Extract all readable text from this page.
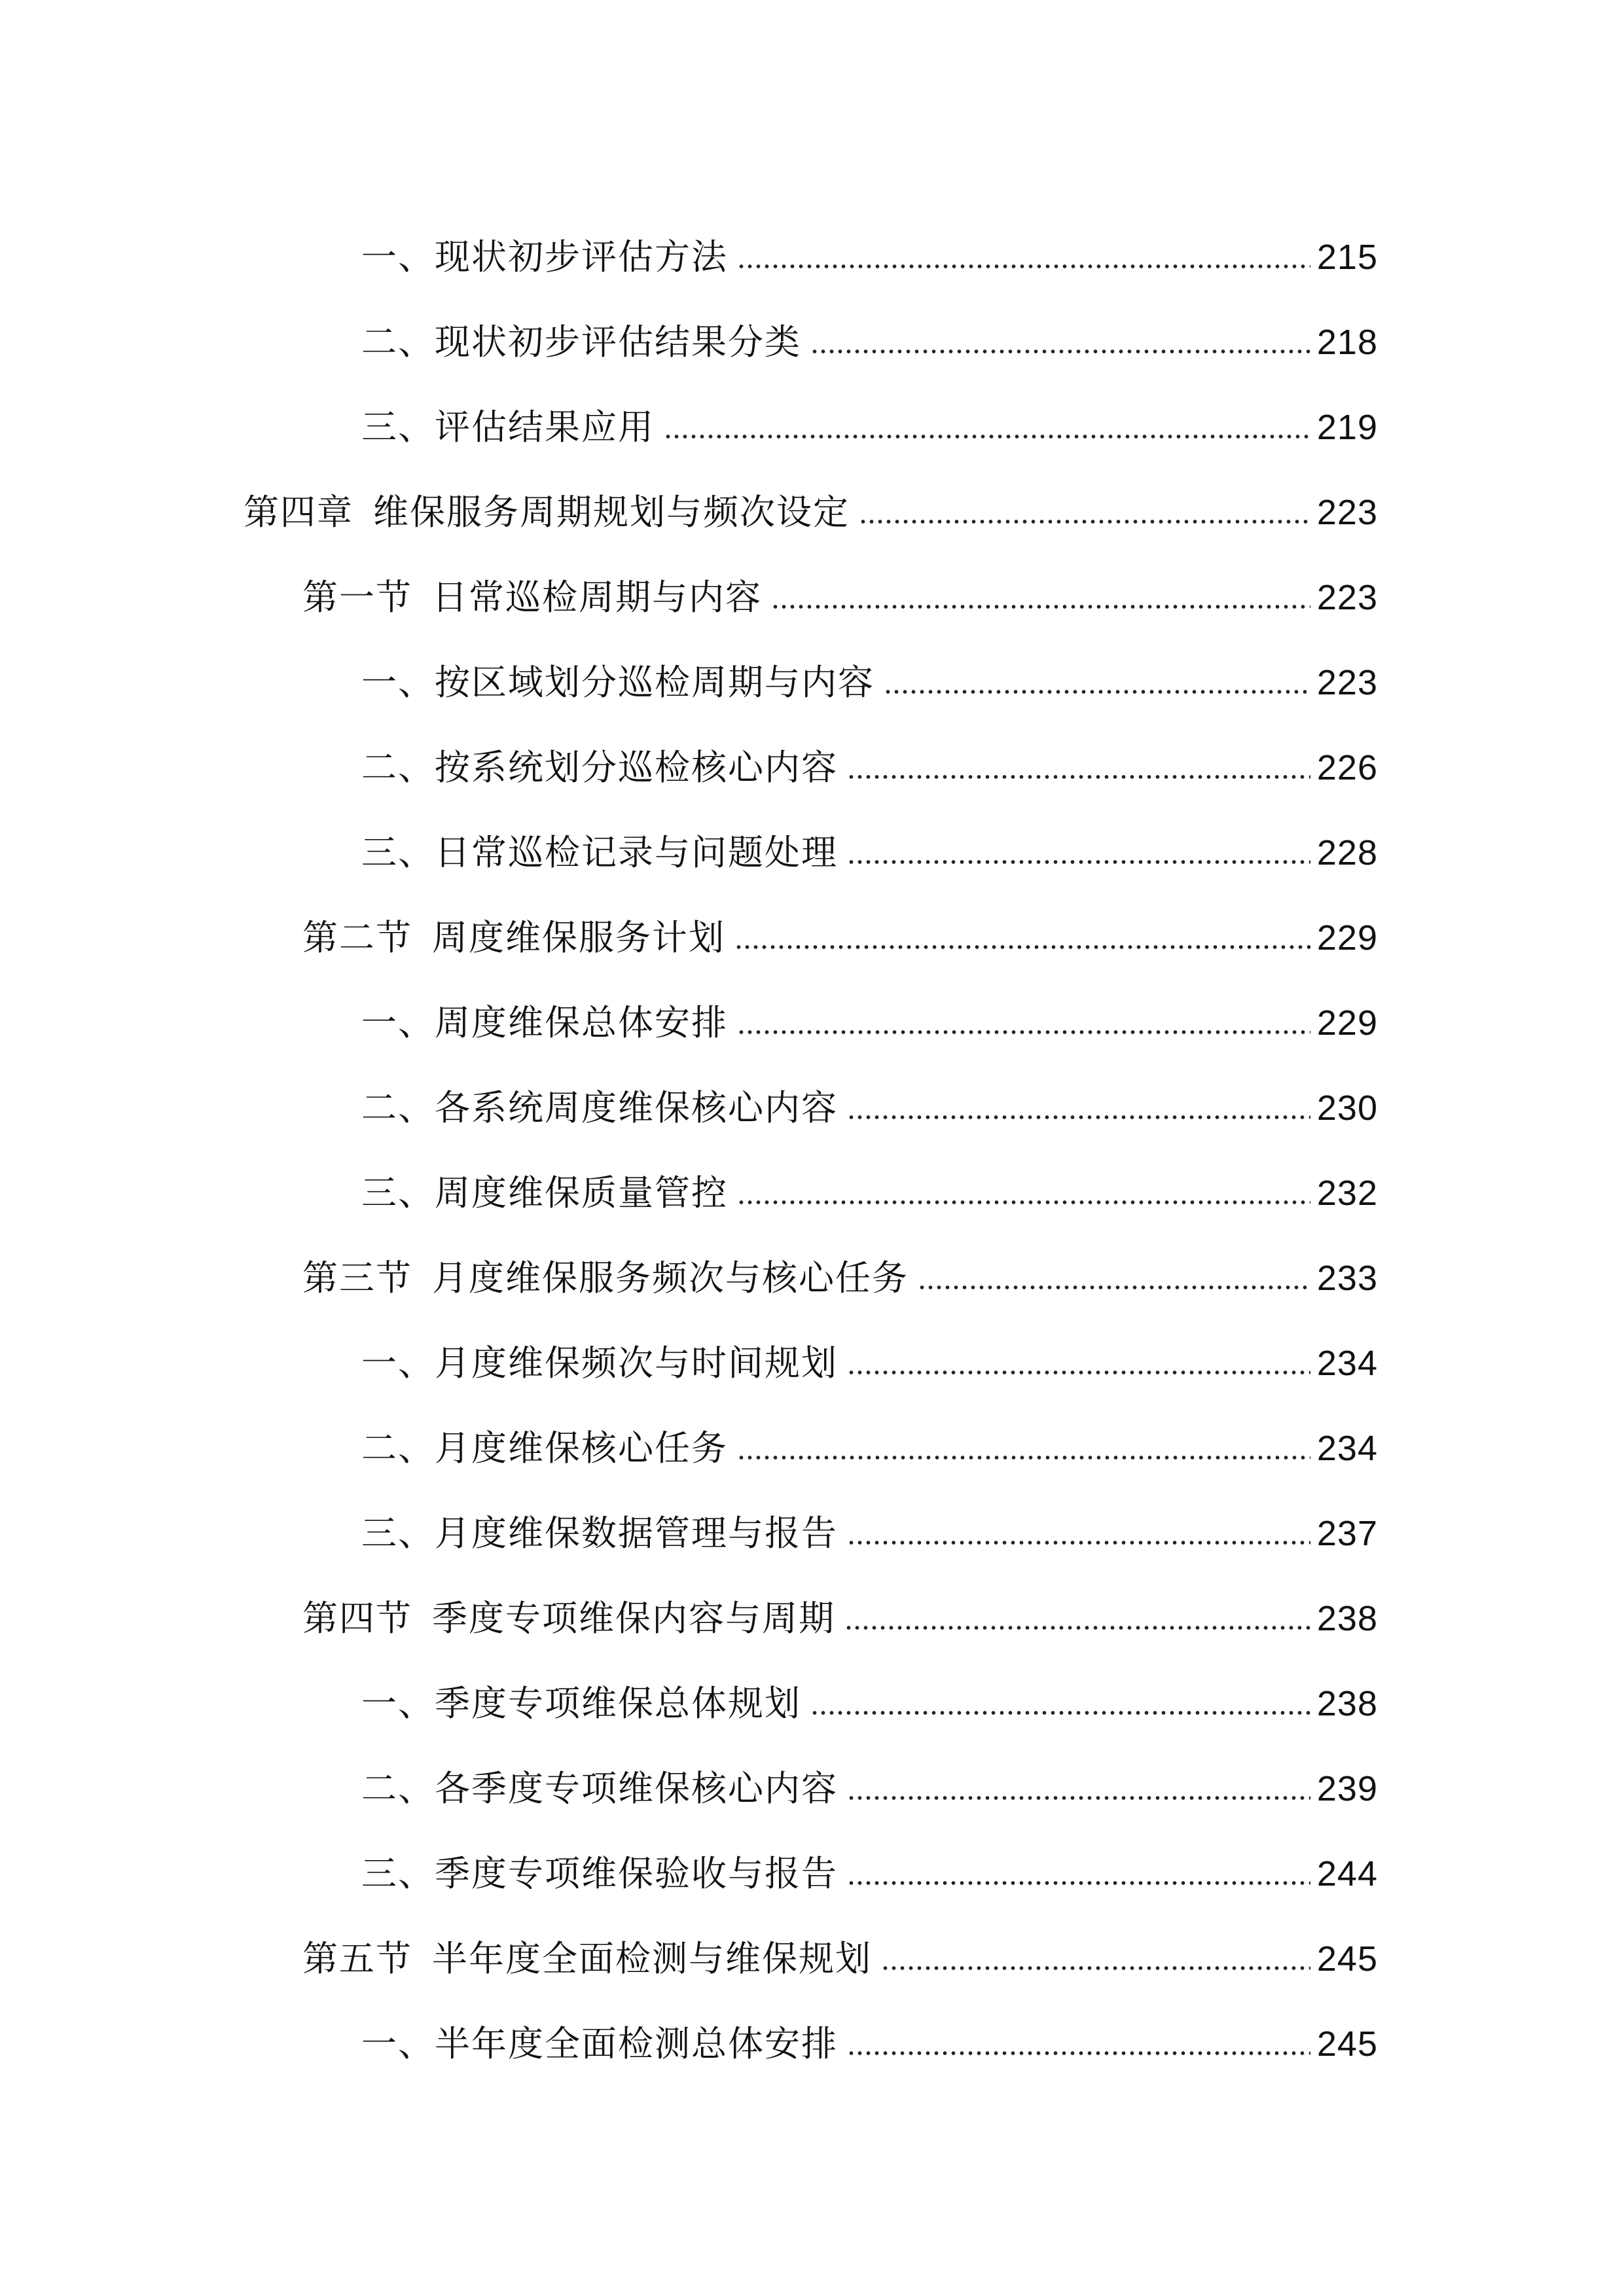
一、现状初步评估方法	215
二、现状初步评估结果分类	218
三、评估结果应用	219
第四章 维保服务周期规划与频次设定	223
第一节 日常巡检周期与内容	223
一、按区域划分巡检周期与内容	223
二、按系统划分巡检核心内容	226
三、日常巡检记录与问题处理	228
第二节 周度维保服务计划	229
一、周度维保总体安排	229
二、各系统周度维保核心内容	230
三、周度维保质量管控	232
第三节 月度维保服务频次与核心任务	233
一、月度维保频次与时间规划	234
二、月度维保核心任务	234
三、月度维保数据管理与报告	237
第四节 季度专项维保内容与周期	238
一、季度专项维保总体规划	238
二、各季度专项维保核心内容	239
三、季度专项维保验收与报告	244
第五节 半年度全面检测与维保规划	245
一、半年度全面检测总体安排	245
